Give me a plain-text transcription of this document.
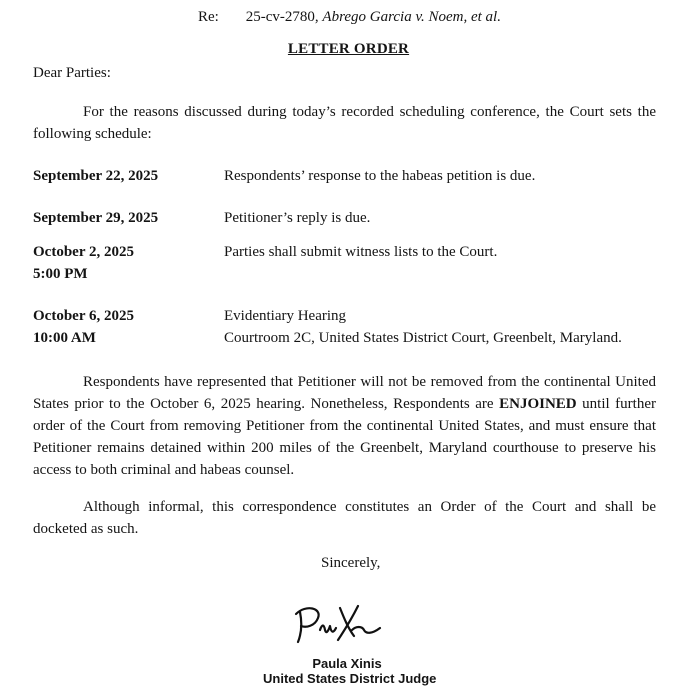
Re: 25-cv-2780, Abrego Garcia v. Noem, et al.
LETTER ORDER
Dear Parties:
For the reasons discussed during today’s recorded scheduling conference, the Court sets the following schedule:
September 22, 2025	Respondents’ response to the habeas petition is due.
September 29, 2025	Petitioner’s reply is due.
October 2, 2025
5:00 PM
Parties shall submit witness lists to the Court.
October 6, 2025
10:00 AM
Evidentiary Hearing
Courtroom 2C, United States District Court, Greenbelt, Maryland.
Respondents have represented that Petitioner will not be removed from the continental United States prior to the October 6, 2025 hearing. Nonetheless, Respondents are ENJOINED until further order of the Court from removing Petitioner from the continental United States, and must ensure that Petitioner remains detained within 200 miles of the Greenbelt, Maryland courthouse to preserve his access to both criminal and habeas counsel.
Although informal, this correspondence constitutes an Order of the Court and shall be docketed as such.
Sincerely,
Paula Xinis
United States District Judge
